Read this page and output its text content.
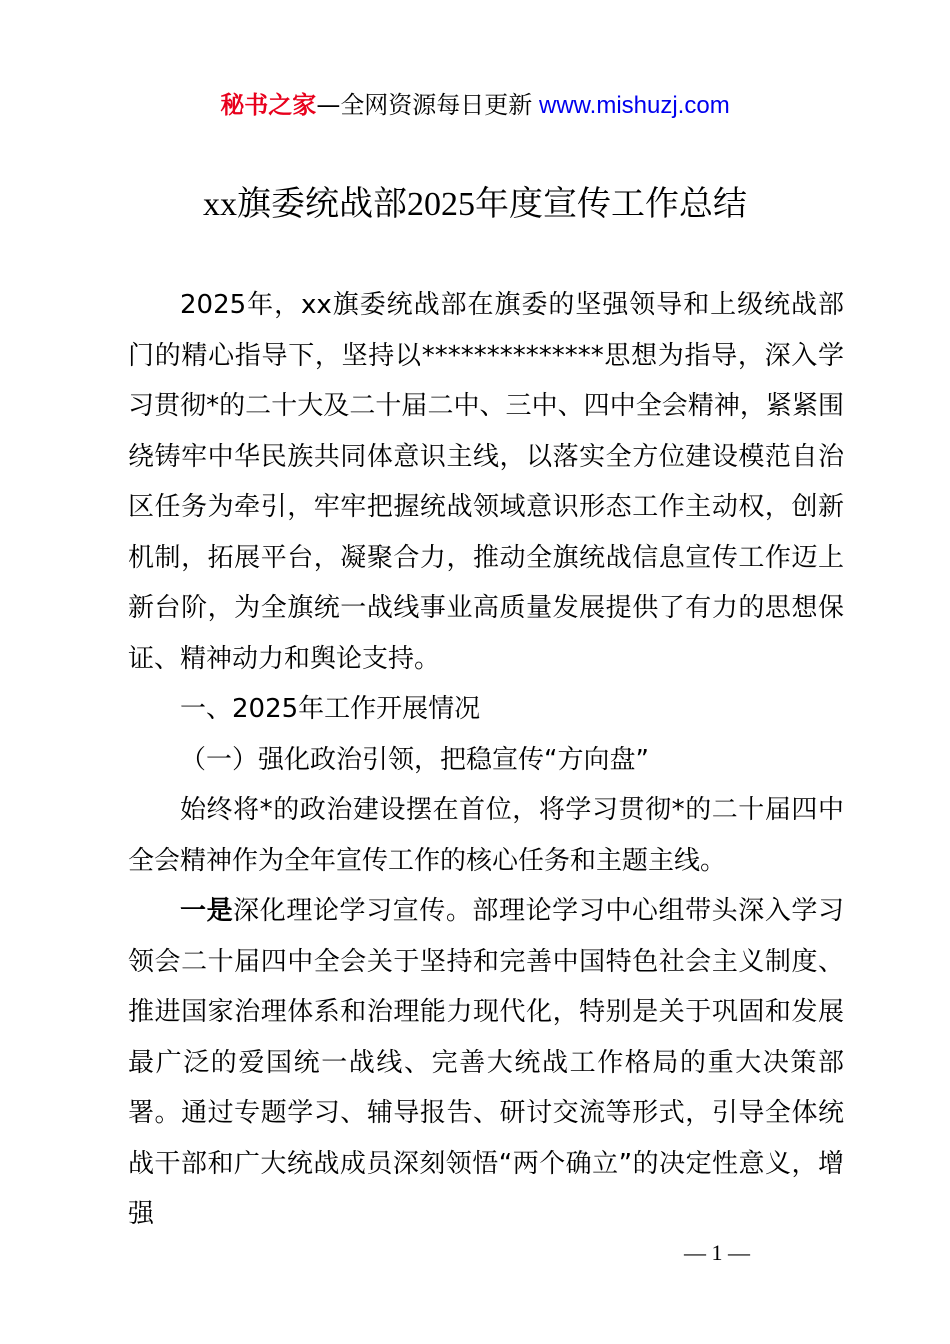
秘书之家—全网资源每日更新 www.mishuzj.com
xx旗委统战部2025年度宣传工作总结

2025年，xx旗委统战部在旗委的坚强领导和上级统战部门的精心指导下，坚持以**************思想为指导，深入学习贯彻*的二十大及二十届二中、三中、四中全会精神，紧紧围绕铸牢中华民族共同体意识主线，以落实全方位建设模范自治区任务为牵引，牢牢把握统战领域意识形态工作主动权，创新机制，拓展平台，凝聚合力，推动全旗统战信息宣传工作迈上新台阶，为全旗统一战线事业高质量发展提供了有力的思想保证、精神动力和舆论支持。

一、2025年工作开展情况

（一）强化政治引领，把稳宣传“方向盘”

始终将*的政治建设摆在首位，将学习贯彻*的二十届四中全会精神作为全年宣传工作的核心任务和主题主线。

一是深化理论学习宣传。部理论学习中心组带头深入学习领会二十届四中全会关于坚持和完善中国特色社会主义制度、推进国家治理体系和治理能力现代化，特别是关于巩固和发展最广泛的爱国统一战线、完善大统战工作格局的重大决策部署。通过专题学习、辅导报告、研讨交流等形式，引导全体统战干部和广大统战成员深刻领悟“两个确立”的决定性意义，增强

— 1 —
